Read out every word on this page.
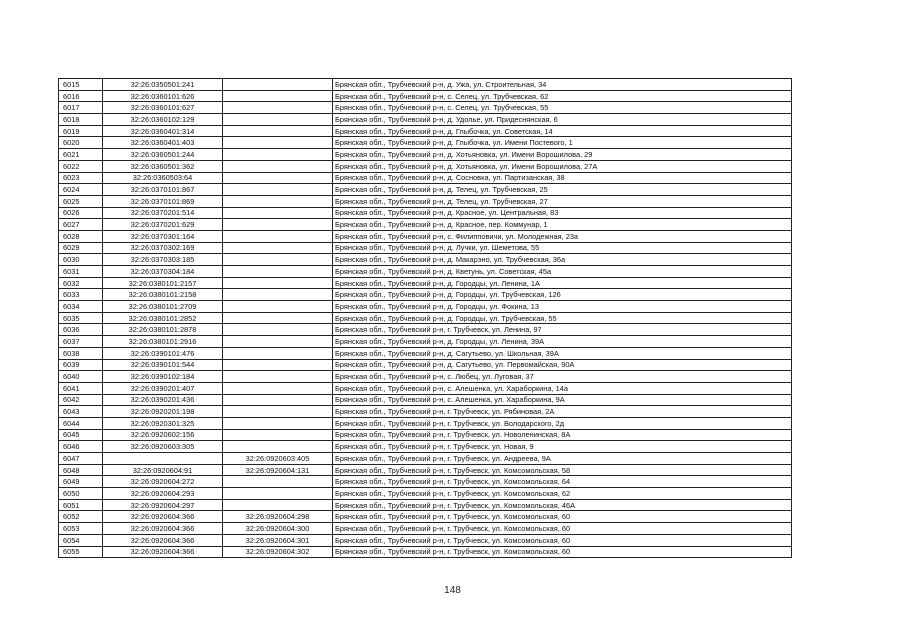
6015	32:26:0350501:241		Брянская обл., Трубчевский р-н, д. Ужа, ул. Строительная, 34
6016	32:26:0360101:626		Брянская обл., Трубчевский р-н, с. Селец, ул. Трубчевская, 62
6017	32:26:0360101:627		Брянская обл., Трубчевский р-н, с. Селец, ул. Трубчевская, 55
6018	32:26:0360102:129		Брянская обл., Трубчевский р-н, д. Удолье, ул. Придеснянская, 6
6019	32:26:0360401:314		Брянская обл., Трубчевский р-н, д. Глыбочка, ул. Советская, 14
6020	32:26:0360401:403		Брянская обл., Трубчевский р-н, д. Глыбочка, ул. Имени Постевого, 1
6021	32:26:0360501:244		Брянская обл., Трубчевский р-н, д. Хотьяновка, ул. Имени Ворошилова, 29
6022	32:26:0360501:362		Брянская обл., Трубчевский р-н, д. Хотьяновка, ул. Имени Ворошилова, 27А
6023	32:26:0360503:64		Брянская обл., Трубчевский р-н, д. Сосновка, ул. Партизанская, 38
6024	32:26:0370101:867		Брянская обл., Трубчевский р-н, д. Телец, ул. Трубчевская, 25
6025	32:26:0370101:869		Брянская обл., Трубчевский р-н, д. Телец, ул. Трубчевская, 27
6026	32:26:0370201:514		Брянская обл., Трубчевский р-н, д. Красное, ул. Центральная, 83
6027	32:26:0370201:629		Брянская обл., Трубчевский р-н, д. Красное, пер. Коммунар, 1
6028	32:26:0370301:164		Брянская обл., Трубчевский р-н, с. Филипповичи, ул. Молодежная, 23а
6029	32:26:0370302:169		Брянская обл., Трубчевский р-н, д. Лучки, ул. Шеметова, 55
6030	32:26:0370303:185		Брянская обл., Трубчевский р-н, д. Макарэно, ул. Трубчевская, 36а
6031	32:26:0370304:184		Брянская обл., Трубчевский р-н, д. Кветунь, ул. Советская, 45а
6032	32:26:0380101:2157		Брянская обл., Трубчевский р-н, д. Городцы, ул. Ленина, 1А
6033	32:26:0380101:2158		Брянская обл., Трубчевский р-н, д. Городцы, ул. Трубчевская, 126
6034	32:26:0380101:2709		Брянская обл., Трубчевский р-н, д. Городцы, ул. Фокина, 13
6035	32:26:0380101:2852		Брянская обл., Трубчевский р-н, д. Городцы, ул. Трубчевская, 55
6036	32:26:0380101:2878		Брянская обл., Трубчевский р-н, г. Трубчевск, ул. Ленина, 97
6037	32:26:0380101:2916		Брянская обл., Трубчевский р-н, д. Городцы, ул. Ленина, 39А
6038	32:26:0390101:476		Брянская обл., Трубчевский р-н, д. Сагутьево, ул. Школьная, 39А
6039	32:26:0390101:544		Брянская обл., Трубчевский р-н, д. Сагутьево, ул. Первомайская, 90А
6040	32:26:0390102:184		Брянская обл., Трубчевский р-н, с. Любец, ул. Луговая, 37
6041	32:26:0390201:407		Брянская обл., Трубчевский р-н, с. Алешенка, ул. Хараборкина, 14а
6042	32:26:0390201:436		Брянская обл., Трубчевский р-н, с. Алешенка, ул. Хараборкина, 9А
6043	32:26:0920201:198		Брянская обл., Трубчевский р-н, г. Трубчевск, ул. Рябиновая, 2А
6044	32:26:0920301:325		Брянская обл., Трубчевский р-н, г. Трубчевск, ул. Володарского, 2д
6045	32:26:0920602:156		Брянская обл., Трубчевский р-н, г. Трубчевск, ул. Новоленинская, 8А
6046	32:26:0920603:305		Брянская обл., Трубчевский р-н, г. Трубчевск, ул. Новая, 9
6047		32:26:0920603:405	Брянская обл., Трубчевский р-н, г. Трубчевск, ул. Андреева, 9А
6048	32:26:0920604:91	32:26:0920604:131	Брянская обл., Трубчевский р-н, г. Трубчевск, ул. Комсомольская, 58
6049	32:26:0920604:272		Брянская обл., Трубчевский р-н, г. Трубчевск, ул. Комсомольская, 64
6050	32:26:0920604:293		Брянская обл., Трубчевский р-н, г. Трубчевск, ул. Комсомольская, 62
6051	32:26:0920604:297		Брянская обл., Трубчевский р-н, г. Трубчевск, ул. Комсомольская, 46А
6052	32:26:0920604:366	32:26:0920604:298	Брянская обл., Трубчевский р-н, г. Трубчевск, ул. Комсомольская, 60
6053	32:26:0920604:366	32:26:0920604:300	Брянская обл., Трубчевский р-н, г. Трубчевск, ул. Комсомольская, 60
6054	32:26:0920604:366	32:26:0920604:301	Брянская обл., Трубчевский р-н, г. Трубчевск, ул. Комсомольская, 60
6055	32:26:0920604:366	32:26:0920604:302	Брянская обл., Трубчевский р-н, г. Трубчевск, ул. Комсомольская, 60
148
